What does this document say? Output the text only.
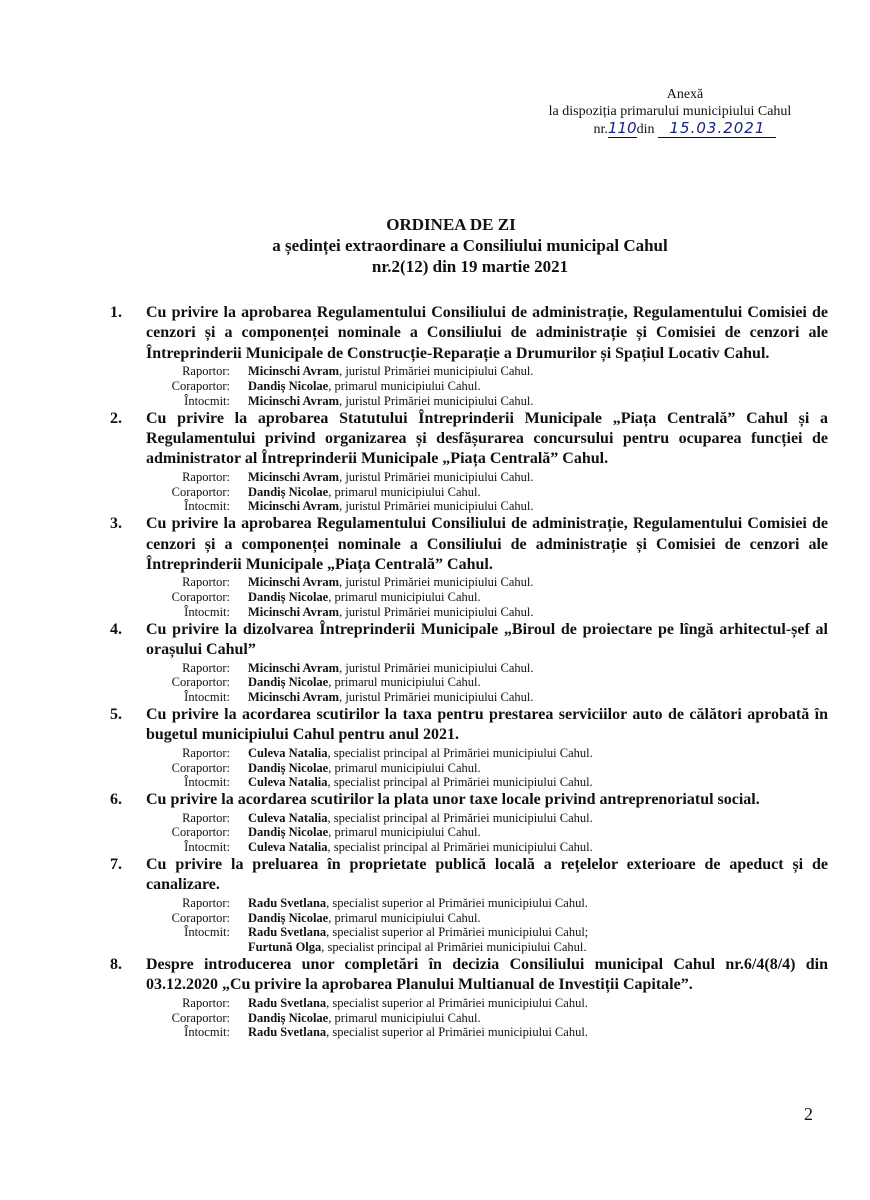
Anexă
la dispoziția primarului municipiului Cahul
nr.110din 15.03.2021
ORDINEA DE ZI
a ședinței extraordinare a Consiliului municipal Cahul
nr.2(12) din 19 martie 2021
1. Cu privire la aprobarea Regulamentului Consiliului de administrație, Regulamentului Comisiei de cenzori și a componenței nominale a Consiliului de administrație și Comisiei de cenzori ale Întreprinderii Municipale de Construcție-Reparație a Drumurilor și Spațiul Locativ Cahul.
Raportor: Micinschi Avram, juristul Primăriei municipiului Cahul.
Coraportor: Dandiș Nicolae, primarul municipiului Cahul.
Întocmit: Micinschi Avram, juristul Primăriei municipiului Cahul.
2. Cu privire la aprobarea Statutului Întreprinderii Municipale „Piața Centrală” Cahul și a Regulamentului privind organizarea și desfășurarea concursului pentru ocuparea funcției de administrator al Întreprinderii Municipale „Piața Centrală” Cahul.
Raportor: Micinschi Avram, juristul Primăriei municipiului Cahul.
Coraportor: Dandiș Nicolae, primarul municipiului Cahul.
Întocmit: Micinschi Avram, juristul Primăriei municipiului Cahul.
3. Cu privire la aprobarea Regulamentului Consiliului de administrație, Regulamentului Comisiei de cenzori și a componenței nominale a Consiliului de administrație și Comisiei de cenzori ale Întreprinderii Municipale „Piața Centrală” Cahul.
Raportor: Micinschi Avram, juristul Primăriei municipiului Cahul.
Coraportor: Dandiș Nicolae, primarul municipiului Cahul.
Întocmit: Micinschi Avram, juristul Primăriei municipiului Cahul.
4. Cu privire la dizolvarea Întreprinderii Municipale „Biroul de proiectare pe lîngă arhitectul-șef al orașului Cahul”
Raportor: Micinschi Avram, juristul Primăriei municipiului Cahul.
Coraportor: Dandiș Nicolae, primarul municipiului Cahul.
Întocmit: Micinschi Avram, juristul Primăriei municipiului Cahul.
5. Cu privire la acordarea scutirilor la taxa pentru prestarea serviciilor auto de călători aprobată în bugetul municipiului Cahul pentru anul 2021.
Raportor: Culeva Natalia, specialist principal al Primăriei municipiului Cahul.
Coraportor: Dandiș Nicolae, primarul municipiului Cahul.
Întocmit: Culeva Natalia, specialist principal al Primăriei municipiului Cahul.
6. Cu privire la acordarea scutirilor la plata unor taxe locale privind antreprenoriatul social.
Raportor: Culeva Natalia, specialist principal al Primăriei municipiului Cahul.
Coraportor: Dandiș Nicolae, primarul municipiului Cahul.
Întocmit: Culeva Natalia, specialist principal al Primăriei municipiului Cahul.
7. Cu privire la preluarea în proprietate publică locală a rețelelor exterioare de apeduct și de canalizare.
Raportor: Radu Svetlana, specialist superior al Primăriei municipiului Cahul.
Coraportor: Dandiș Nicolae, primarul municipiului Cahul.
Întocmit: Radu Svetlana, specialist superior al Primăriei municipiului Cahul;
Furtună Olga, specialist principal al Primăriei municipiului Cahul.
8. Despre introducerea unor completări în decizia Consiliului municipal Cahul nr.6/4(8/4) din 03.12.2020 „Cu privire la aprobarea Planului Multianual de Investiții Capitale”.
Raportor: Radu Svetlana, specialist superior al Primăriei municipiului Cahul.
Coraportor: Dandiș Nicolae, primarul municipiului Cahul.
Întocmit: Radu Svetlana, specialist superior al Primăriei municipiului Cahul.
2
